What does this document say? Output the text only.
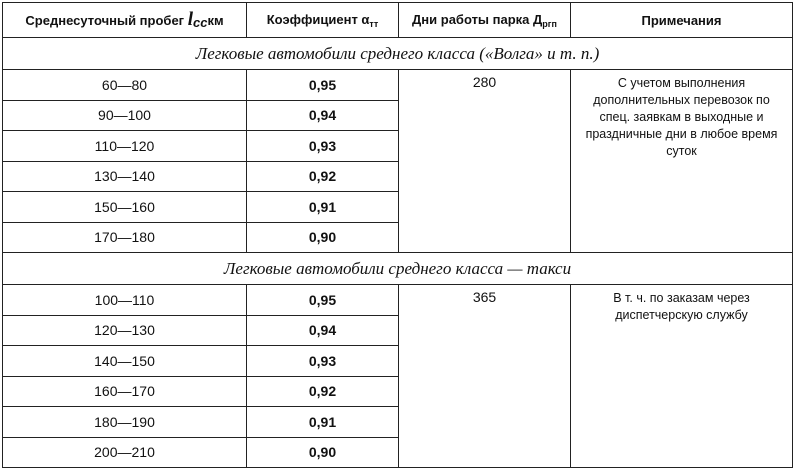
Среднесуточный пробег lccкм	Коэффициент $\alpha_{тт}$	Дни работы парка $Д_{ргп}$	Примечания
Легковые автомобили среднего класса («Волга» и т. п.)			
60—80	0,95	280	С учетом выполнения дополнительных перевозок по спец. заявкам в выходные и праздничные дни в любое время суток
90—100	0,94		
110—120	0,93		
130—140	0,92		
150—160	0,91		
170—180	0,90		
Легковые автомобили среднего класса — такси			
100—110	0,95	365	В т. ч. по заказам через диспетчерскую службу
120—130	0,94		
140—150	0,93		
160—170	0,92		
180—190	0,91		
200—210	0,90		
